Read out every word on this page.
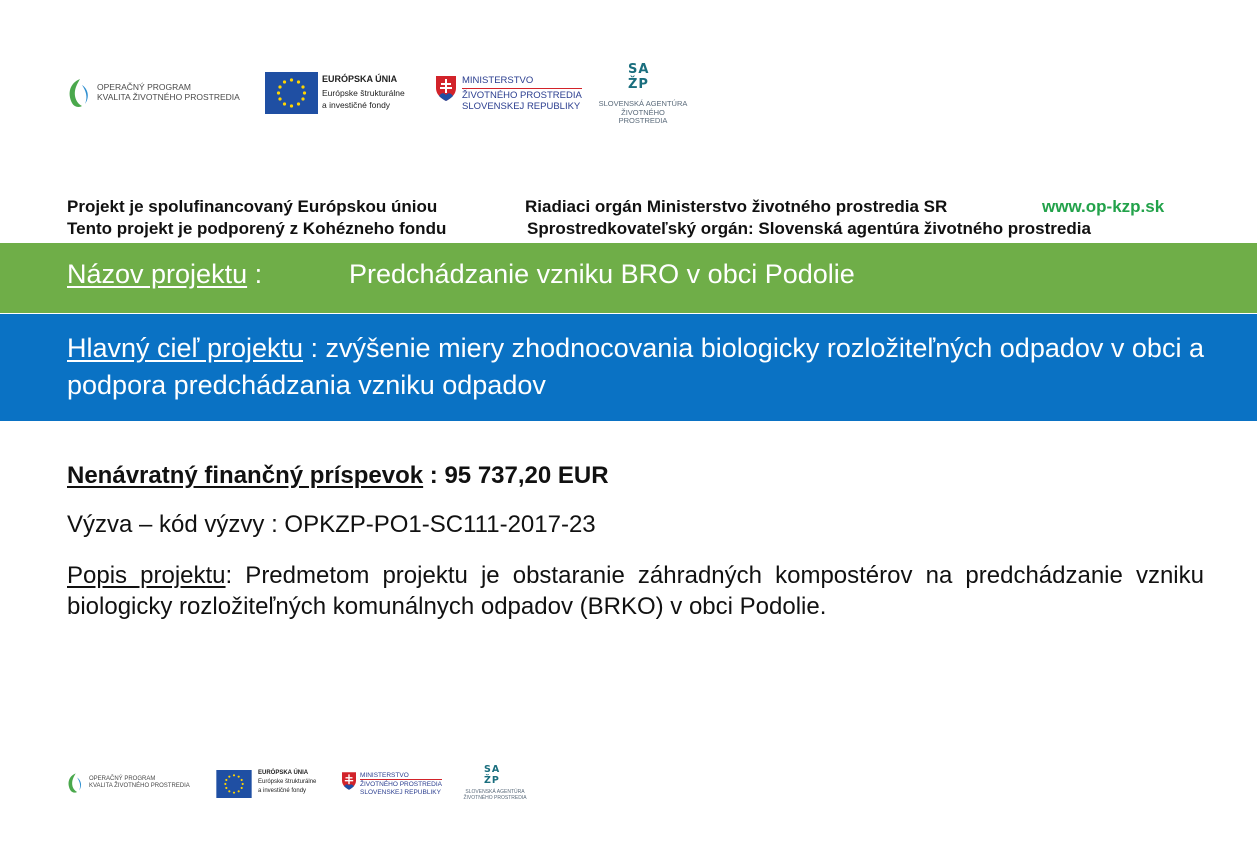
OPERAČNÝ PROGRAM
KVALITA ŽIVOTNÉHO PROSTREDIA
EURÓPSKA ÚNIA
Európske štrukturálne
a investičné fondy
MINISTERSTVO
ŽIVOTNÉHO PROSTREDIA
SLOVENSKEJ REPUBLIKY
SAŽP
SLOVENSKÁ AGENTÚRA
ŽIVOTNÉHO PROSTREDIA
Projekt je spolufinancovaný Európskou úniou
Tento projekt je podporený z Kohézneho fondu
Riadiaci orgán Ministerstvo životného prostredia SR
Sprostredkovateľský orgán: Slovenská agentúra životného prostredia
www.op-kzp.sk
Názov projektu :	Predchádzanie vzniku BRO v obci Podolie
Hlavný cieľ projektu : zvýšenie miery zhodnocovania biologicky rozložiteľných odpadov v obci a podpora predchádzania vzniku odpadov
Nenávratný finančný príspevok : 95 737,20 EUR
Výzva – kód výzvy : OPKZP-PO1-SC111-2017-23
Popis projektu: Predmetom projektu je obstaranie záhradných kompostérov na predchádzanie vzniku biologicky rozložiteľných komunálnych odpadov (BRKO) v obci Podolie.
OPERAČNÝ PROGRAM
KVALITA ŽIVOTNÉHO PROSTREDIA
EURÓPSKA ÚNIA
Európske štrukturálne
a investičné fondy
MINISTERSTVO
ŽIVOTNÉHO PROSTREDIA
SLOVENSKEJ REPUBLIKY
SAŽP
SLOVENSKÁ AGENTÚRA
ŽIVOTNÉHO PROSTREDIA
